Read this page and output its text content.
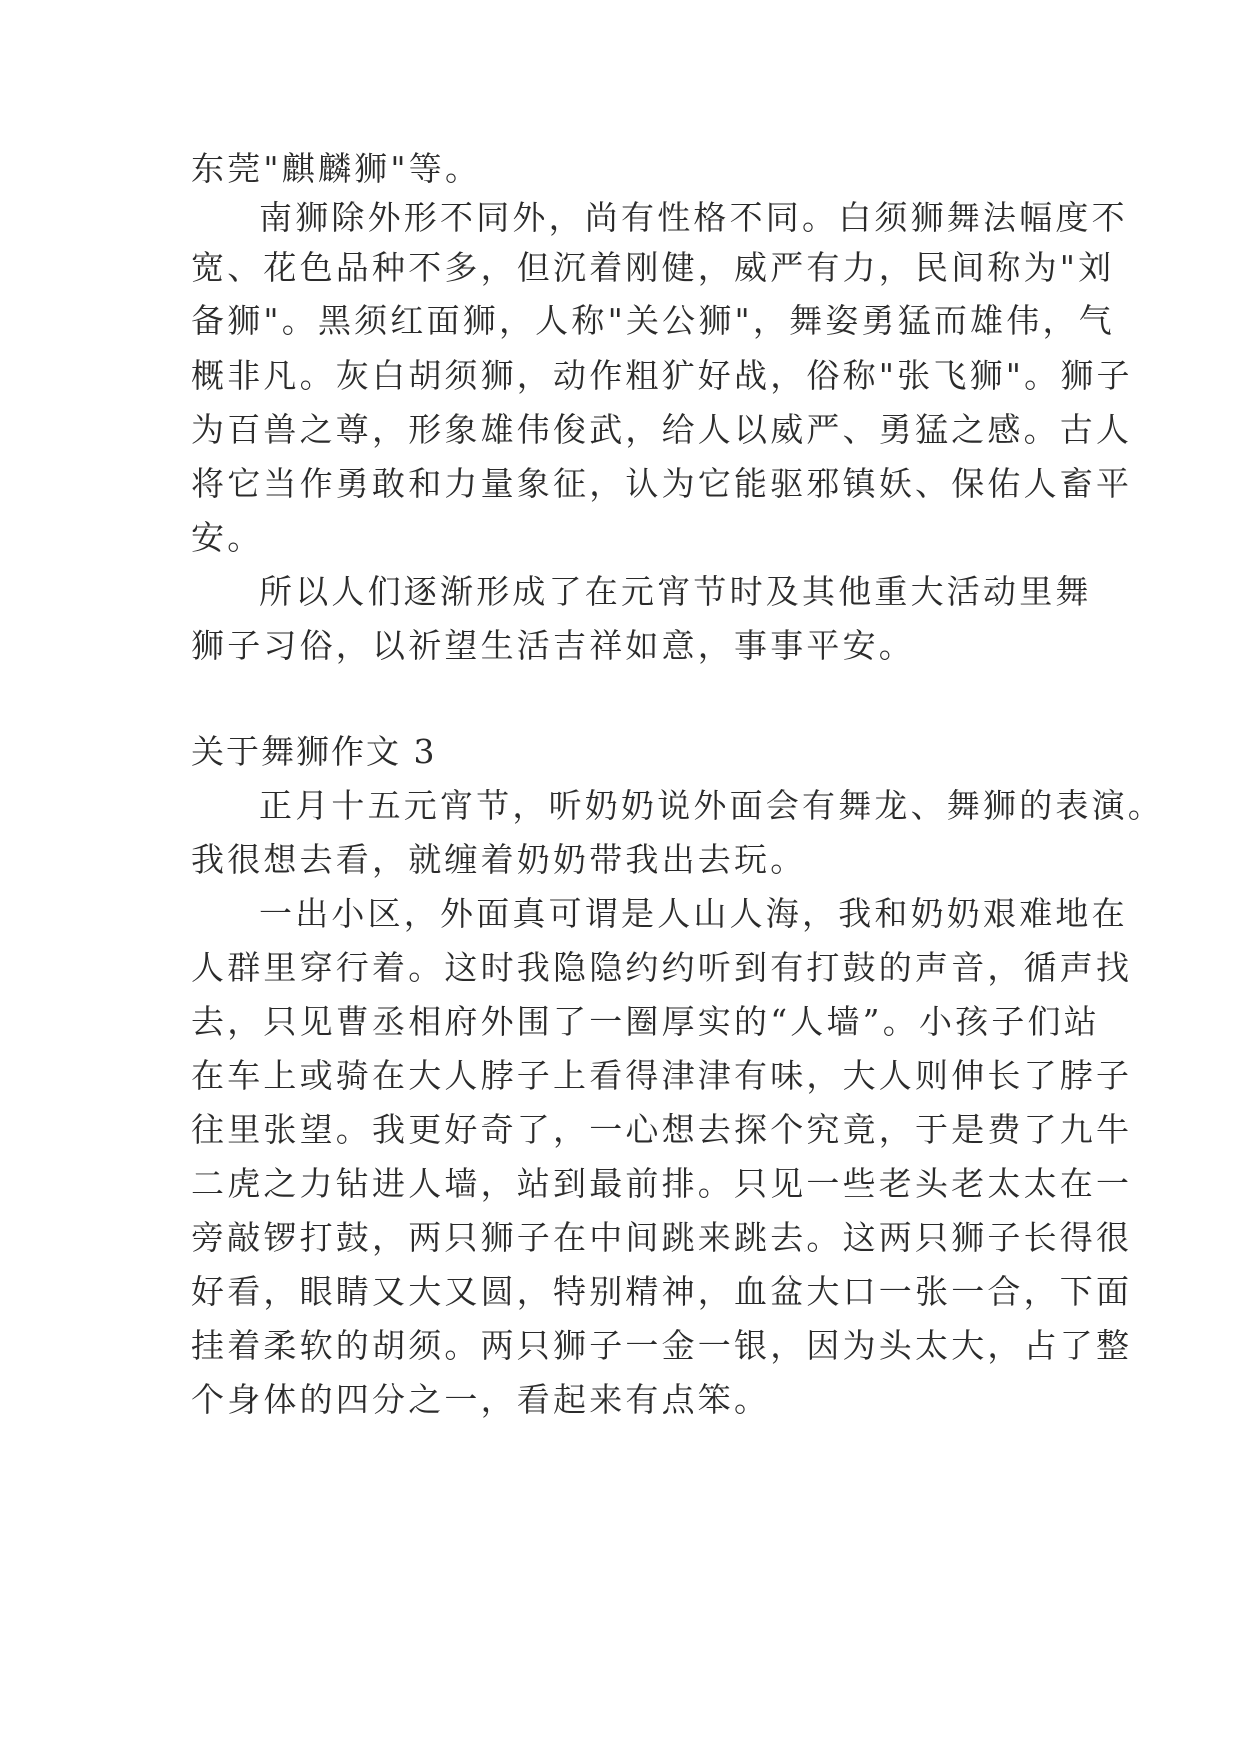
东莞"麒麟狮"等。
南狮除外形不同外，尚有性格不同。白须狮舞法幅度不
宽、花色品种不多，但沉着刚健，威严有力，民间称为"刘
备狮"。黑须红面狮，人称"关公狮"，舞姿勇猛而雄伟，气
概非凡。灰白胡须狮，动作粗犷好战，俗称"张飞狮"。狮子
为百兽之尊，形象雄伟俊武，给人以威严、勇猛之感。古人
将它当作勇敢和力量象征，认为它能驱邪镇妖、保佑人畜平
安。
所以人们逐渐形成了在元宵节时及其他重大活动里舞
狮子习俗，以祈望生活吉祥如意，事事平安。
关于舞狮作文 3
正月十五元宵节，听奶奶说外面会有舞龙、舞狮的表演。
我很想去看，就缠着奶奶带我出去玩。
一出小区，外面真可谓是人山人海，我和奶奶艰难地在
人群里穿行着。这时我隐隐约约听到有打鼓的声音，循声找
去，只见曹丞相府外围了一圈厚实的“人墙”。小孩子们站
在车上或骑在大人脖子上看得津津有味，大人则伸长了脖子
往里张望。我更好奇了，一心想去探个究竟，于是费了九牛
二虎之力钻进人墙，站到最前排。只见一些老头老太太在一
旁敲锣打鼓，两只狮子在中间跳来跳去。这两只狮子长得很
好看，眼睛又大又圆，特别精神，血盆大口一张一合，下面
挂着柔软的胡须。两只狮子一金一银，因为头太大，占了整
个身体的四分之一，看起来有点笨。
